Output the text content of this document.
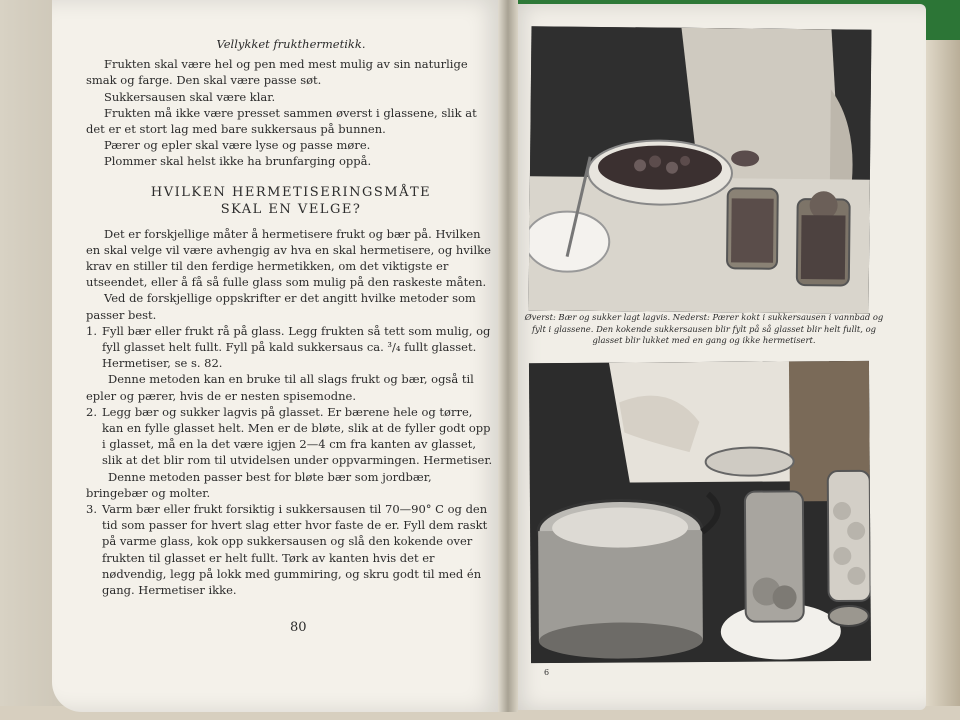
Vellykket frukthermetikk.

Frukten skal være hel og pen med mest mulig av sin naturlige smak og farge. Den skal være passe søt.

Sukkersausen skal være klar.

Frukten må ikke være presset sammen øverst i glassene, slik at det er et stort lag med bare sukkersaus på bunnen.

Pærer og epler skal være lyse og passe møre.

Plommer skal helst ikke ha brunfarging oppå.

HVILKEN HERMETISERINGSMÅTE
SKAL EN VELGE?

Det er forskjellige måter å hermetisere frukt og bær på. Hvilken en skal velge vil være avhengig av hva en skal hermetisere, og hvilke krav en stiller til den ferdige hermetikken, om det viktigste er utseendet, eller å få så fulle glass som mulig på den raskeste måten.

Ved de forskjellige oppskrifter er det angitt hvilke metoder som passer best.

1. Fyll bær eller frukt rå på glass. Legg frukten så tett som mulig, og fyll glasset helt fullt. Fyll på kald sukkersaus ca. ³/₄ fullt glasset. Hermetiser, se s. 82.

Denne metoden kan en bruke til all slags frukt og bær, også til epler og pærer, hvis de er nesten spisemodne.

2. Legg bær og sukker lagvis på glasset. Er bærene hele og tørre, kan en fylle glasset helt. Men er de bløte, slik at de fyller godt opp i glasset, må en la det være igjen 2—4 cm fra kanten av glasset, slik at det blir rom til utvidelsen under oppvarmingen. Hermetiser.

Denne metoden passer best for bløte bær som jordbær, bringebær og molter.

3. Varm bær eller frukt forsiktig i sukkersausen til 70—90° C og den tid som passer for hvert slag etter hvor faste de er. Fyll dem raskt på varme glass, kok opp sukkersausen og slå den kokende over frukten til glasset er helt fullt. Tørk av kanten hvis det er nødvendig, legg på lokk med gummiring, og skru godt til med én gang. Hermetiser ikke.
80
Øverst: Bær og sukker lagt lagvis. Nederst: Pærer kokt i sukkersausen i vannbad og fylt i glassene. Den kokende sukkersausen blir fylt på så glasset blir helt fullt, og glasset blir lukket med en gang og ikke hermetisert.
6
